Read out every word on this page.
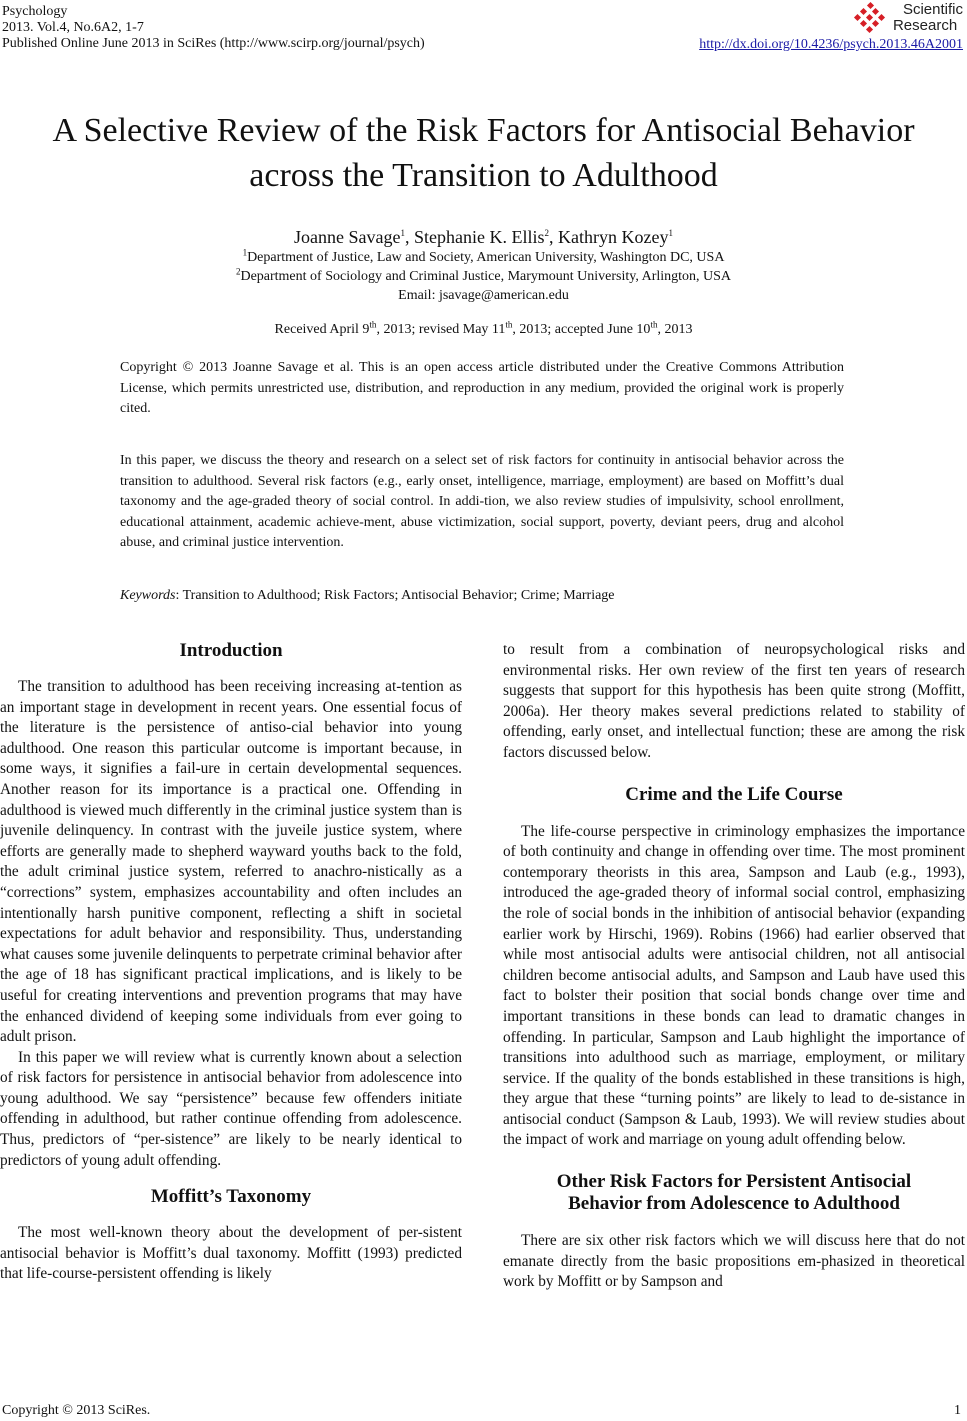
Psychology
2013. Vol.4, No.6A2, 1-7
Published Online June 2013 in SciRes (http://www.scirp.org/journal/psych)
Scientific
Research
http://dx.doi.org/10.4236/psych.2013.46A2001
A Selective Review of the Risk Factors for Antisocial Behavior
across the Transition to Adulthood
Joanne Savage$^1$, Stephanie K. Ellis$^2$, Kathryn Kozey$^1$
$^1$Department of Justice, Law and Society, American University, Washington DC, USA
$^2$Department of Sociology and Criminal Justice, Marymount University, Arlington, USA
Email: jsavage@american.edu
Received April 9th, 2013; revised May 11th, 2013; accepted June 10th, 2013
Copyright © 2013 Joanne Savage et al. This is an open access article distributed under the Creative Commons Attribution License, which permits unrestricted use, distribution, and reproduction in any medium, provided the original work is properly cited.
In this paper, we discuss the theory and research on a select set of risk factors for continuity in antisocial behavior across the transition to adulthood. Several risk factors (e.g., early onset, intelligence, marriage, employment) are based on Moffitt’s dual taxonomy and the age-graded theory of social control. In addi-tion, we also review studies of impulsivity, school enrollment, educational attainment, academic achieve-ment, abuse victimization, social support, poverty, deviant peers, drug and alcohol abuse, and criminal justice intervention.
Keywords: Transition to Adulthood; Risk Factors; Antisocial Behavior; Crime; Marriage
Introduction

The transition to adulthood has been receiving increasing at-tention as an important stage in development in recent years. One essential focus of the literature is the persistence of antiso-cial behavior into young adulthood. One reason this particular outcome is important because, in some ways, it signifies a fail-ure in certain developmental sequences. Another reason for its importance is a practical one. Offending in adulthood is viewed much differently in the criminal justice system than is juvenile delinquency. In contrast with the juveile justice system, where efforts are generally made to shepherd wayward youths back to the fold, the adult criminal justice system, referred to anachro-nistically as a “corrections” system, emphasizes accountability and often includes an intentionally harsh punitive component, reflecting a shift in societal expectations for adult behavior and responsibility. Thus, understanding what causes some juvenile delinquents to perpetrate criminal behavior after the age of 18 has significant practical implications, and is likely to be useful for creating interventions and prevention programs that may have the enhanced dividend of keeping some individuals from ever going to adult prison.

In this paper we will review what is currently known about a selection of risk factors for persistence in antisocial behavior from adolescence into young adulthood. We say “persistence” because few offenders initiate offending in adulthood, but rather continue offending from adolescence. Thus, predictors of “per-sistence” are likely to be nearly identical to predictors of young adult offending.

Moffitt’s Taxonomy

The most well-known theory about the development of per-sistent antisocial behavior is Moffitt’s dual taxonomy. Moffitt (1993) predicted that life-course-persistent offending is likely

to result from a combination of neuropsychological risks and environmental risks. Her own review of the first ten years of research suggests that support for this hypothesis has been quite strong (Moffitt, 2006a). Her theory makes several predictions related to stability of offending, early onset, and intellectual function; these are among the risk factors discussed below.

Crime and the Life Course

The life-course perspective in criminology emphasizes the importance of both continuity and change in offending over time. The most prominent contemporary theorists in this area, Sampson and Laub (e.g., 1993), introduced the age-graded theory of informal social control, emphasizing the role of social bonds in the inhibition of antisocial behavior (expanding earlier work by Hirschi, 1969). Robins (1966) had earlier observed that while most antisocial adults were antisocial children, not all antisocial children become antisocial adults, and Sampson and Laub have used this fact to bolster their position that social bonds change over time and important transitions in these bonds can lead to dramatic changes in offending. In particular, Sampson and Laub highlight the importance of transitions into adulthood such as marriage, employment, or military service. If the quality of the bonds established in these transitions is high, they argue that these “turning points” are likely to lead to de-sistance in antisocial conduct (Sampson & Laub, 1993). We will review studies about the impact of work and marriage on young adult offending below.

Other Risk Factors for Persistent Antisocial
Behavior from Adolescence to Adulthood

There are six other risk factors which we will discuss here that do not emanate directly from the basic propositions em-phasized in theoretical work by Moffitt or by Sampson and

Copyright © 2013 SciRes.	1
